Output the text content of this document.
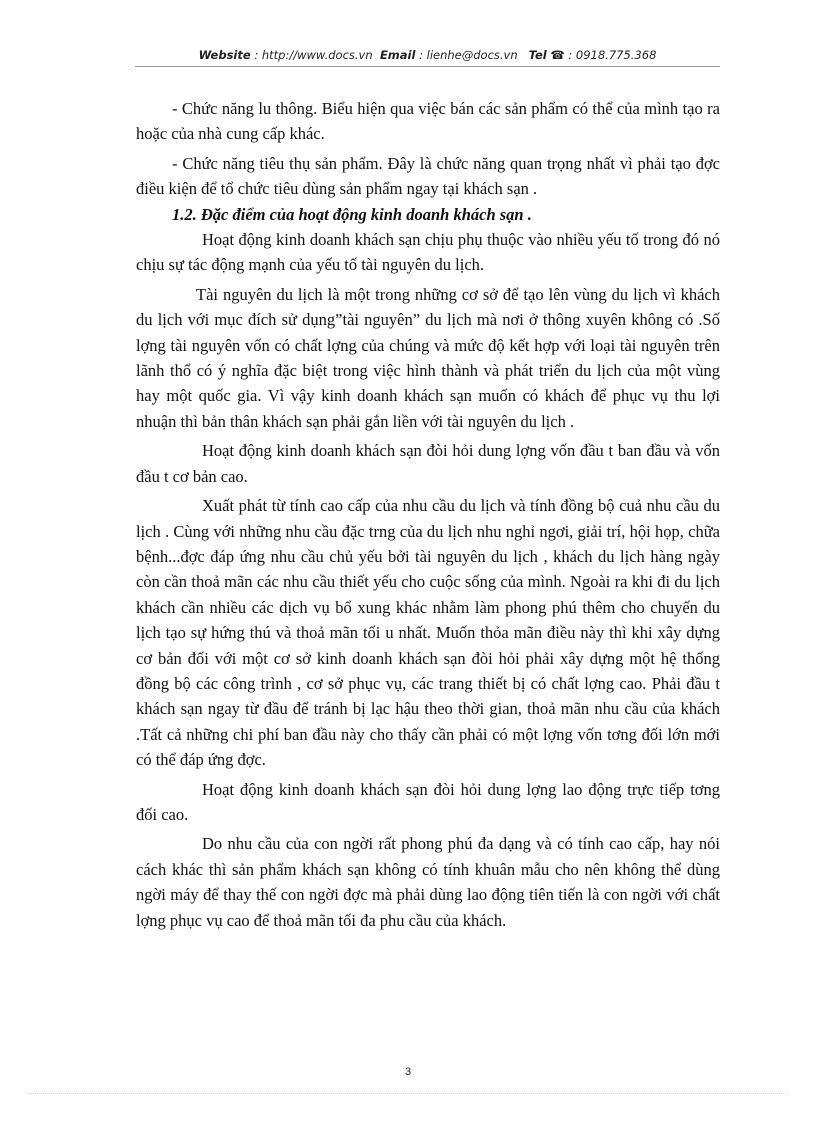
Website : http://www.docs.vn Email : lienhe@docs.vn Tel ☎ : 0918.775.368

- Chức năng lu thông. Biểu hiện qua việc bán các sản phẩm có thể của mình tạo ra hoặc của nhà cung cấp khác.

- Chức năng tiêu thụ sản phẩm. Đây là chức năng quan trọng nhất vì phải tạo đợc điều kiện để tổ chức tiêu dùng sản phẩm ngay tại khách sạn .

1.2. Đặc điểm của hoạt động kinh doanh khách sạn .

Hoạt động kinh doanh khách sạn chịu phụ thuộc vào nhiều yếu tố trong đó nó chịu sự tác động mạnh của yếu tố tài nguyên du lịch.

Tài nguyên du lịch là một trong những cơ sở để tạo lên vùng du lịch vì khách du lịch với mục đích sử dụng”tài nguyên” du lịch mà nơi ở thông xuyên không có .Số lợng tài nguyên vốn có chất lợng của chúng và mức độ kết hợp với loại tài nguyên trên lãnh thổ có ý nghĩa đặc biệt trong việc hình thành và phát triển du lịch của một vùng hay một quốc gia. Vì vậy kinh doanh khách sạn muốn có khách để phục vụ thu lợi nhuận thì bản thân khách sạn phải gắn liền với tài nguyên du lịch .

Hoạt động kinh doanh khách sạn đòi hỏi dung lợng vốn đầu t ban đầu và vốn đầu t cơ bản cao.

Xuất phát từ tính cao cấp của nhu cầu du lịch và tính đồng bộ cuả nhu cầu du lịch . Cùng với những nhu cầu đặc trng của du lịch nhu nghỉ ngơi, giải trí, hội họp, chữa bệnh...đợc đáp ứng nhu cầu chủ yếu bởi tài nguyên du lịch , khách du lịch hàng ngày còn cần thoả mãn các nhu cầu thiết yếu cho cuộc sống của mình. Ngoài ra khi đi du lịch khách cần nhiều các dịch vụ bổ xung khác nhằm làm phong phú thêm cho chuyến du lịch tạo sự hứng thú và thoả mãn tối u nhất. Muốn thỏa mãn điều này thì khi xây dựng cơ bản đối với một cơ sở kinh doanh khách sạn đòi hỏi phải xây dựng một hệ thống đồng bộ các công trình , cơ sở phục vụ, các trang thiết bị có chất lợng cao. Phải đầu t khách sạn ngay từ đầu để tránh bị lạc hậu theo thời gian, thoả mãn nhu cầu của khách .Tất cả những chi phí ban đầu này cho thấy cần phải có một lợng vốn tơng đối lớn mới có thể đáp ứng đợc.

Hoạt động kinh doanh khách sạn đòi hỏi dung lợng lao động trực tiếp tơng đối cao.

Do nhu cầu của con ngời rất phong phú đa dạng và có tính cao cấp, hay nói cách khác thì sản phẩm khách sạn không có tính khuân mẫu cho nên không thể dùng ngời máy để thay thế con ngời đợc mà phải dùng lao động tiên tiến là con ngời với chất lợng phục vụ cao để thoả mãn tối đa phu cầu của khách.

3
